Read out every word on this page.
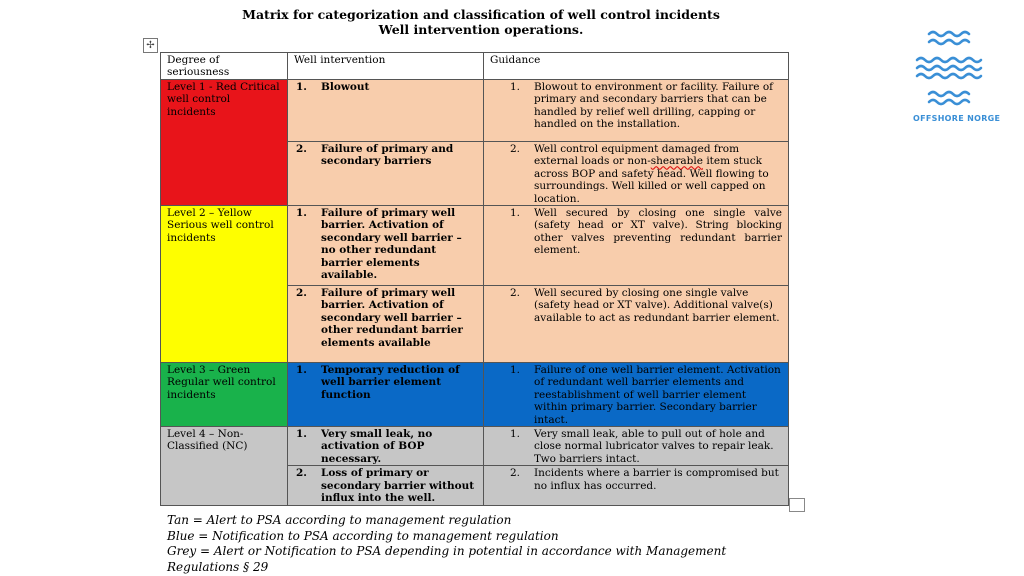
Matrix for categorization and classification of well control incidents
Well intervention operations.
✢
Degree of seriousness	Well intervention	Guidance
Level 1 - Red Critical well control incidents	1. Blowout	1. Blowout to environment or facility. Failure of primary and secondary barriers that can be handled by relief well drilling, capping or handled on the installation.

	2. Failure of primary and secondary barriers	2. Well control equipment damaged from external loads or non-shearable item stuck across BOP and safety head. Well flowing to surroundings. Well killed or well capped on location.

Level 2 – Yellow Serious well control incidents	1. Failure of primary well barrier. Activation of secondary well barrier – no other redundant barrier elements available.	1. Well secured by closing one single valve (safety head or XT valve). String blocking other valves preventing redundant barrier element.

	2. Failure of primary well barrier. Activation of secondary well barrier – other redundant barrier elements available	2. Well secured by closing one single valve (safety head or XT valve). Additional valve(s) available to act as redundant barrier element.

Level 3 – Green Regular well control incidents	1. Temporary reduction of well barrier element function	1. Failure of one well barrier element. Activation of redundant well barrier elements and reestablishment of well barrier element within primary barrier. Secondary barrier intact.

Level 4 – Non-Classified (NC)	1. Very small leak, no activation of BOP necessary.	1. Very small leak, able to pull out of hole and close normal lubricator valves to repair leak. Two barriers intact.

	2. Loss of primary or secondary barrier without influx into the well.	2. Incidents where a barrier is compromised but no influx has occurred.
Tan = Alert to PSA according to management regulation
Blue = Notification to PSA according to management regulation
Grey = Alert or Notification to PSA depending in potential in accordance with Management
Regulations § 29
OFFSHORE NORGE
